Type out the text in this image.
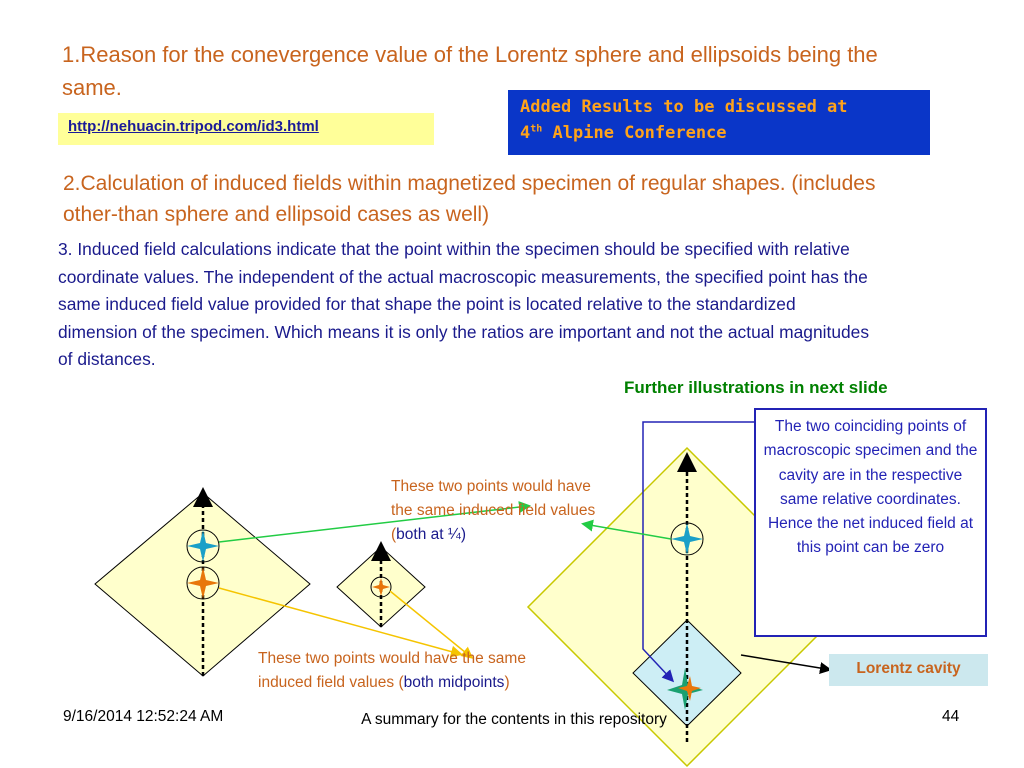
1.Reason for the conevergence value of the Lorentz sphere and ellipsoids being the same.
http://nehuacin.tripod.com/id3.html
Added Results to be discussed at
4th Alpine Conference
2.Calculation of induced fields within magnetized specimen of regular shapes. (includes other-than sphere and ellipsoid cases as well)
3. Induced field calculations indicate that the point within the specimen should be specified with relative coordinate values. The independent of the actual macroscopic measurements, the specified point has the same induced field value provided for that shape the point is located relative to the standardized dimension of the specimen. Which means it is only the ratios are important and not the actual magnitudes of distances.
Further illustrations in next slide
The two coinciding points of macroscopic specimen and the cavity are in the respective same relative coordinates. Hence the net induced field at this point can be zero
These two points would have the same induced field values (both at ¼)
These two points would have the same induced field values (both midpoints)
Lorentz cavity
9/16/2014 12:52:24 AM	A summary for the contents in this repository	44
